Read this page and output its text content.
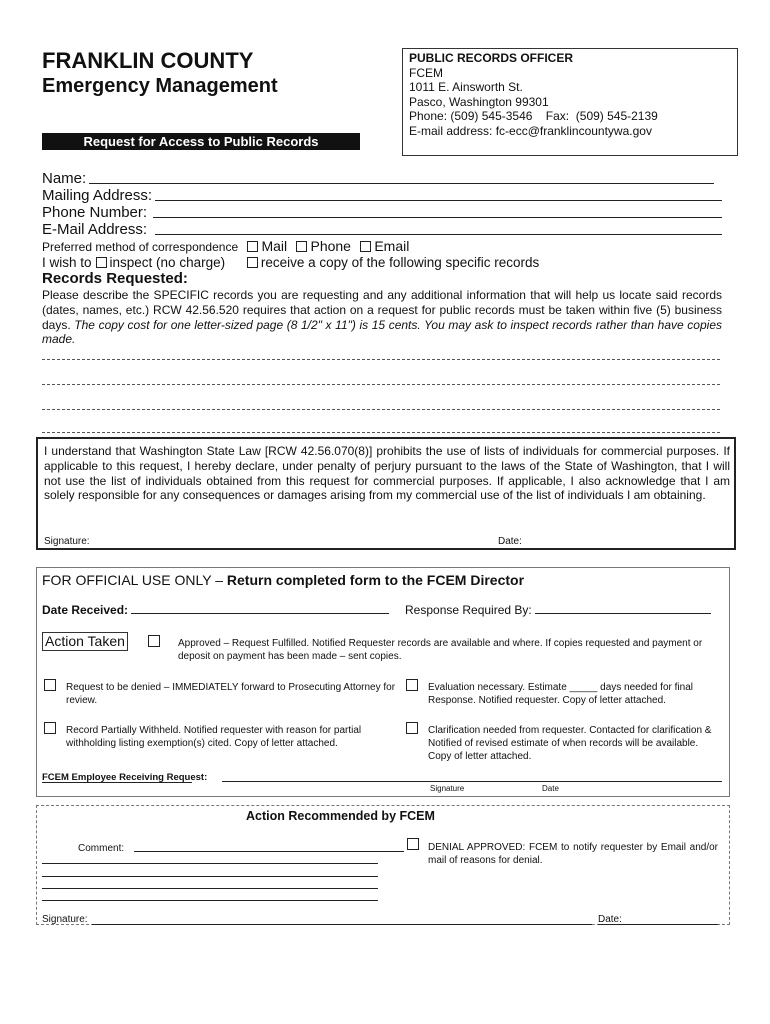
FRANKLIN COUNTY
Emergency Management
Request for Access to Public Records
PUBLIC RECORDS OFFICER
FCEM
1011 E. Ainsworth St.
Pasco, Washington 99301
Phone: (509) 545-3546    Fax:  (509) 545-2139
E-mail address: fc-ecc@franklincountywa.gov
Name:
Mailing Address:
Phone Number:
E-Mail Address:
Preferred method of correspondence Mail Phone Email
I wish to inspect (no charge)	receive a copy of the following specific records
Records Requested:
Please describe the SPECIFIC records you are requesting and any additional information that will help us locate said records (dates, names, etc.) RCW 42.56.520 requires that action on a request for public records must be taken within five (5) business days. The copy cost for one letter-sized page (8 1/2" x 11") is 15 cents. You may ask to inspect records rather than have copies made.
I understand that Washington State Law [RCW 42.56.070(8)] prohibits the use of lists of individuals for commercial purposes. If applicable to this request, I hereby declare, under penalty of perjury pursuant to the laws of the State of Washington, that I will not use the list of individuals obtained from this request for commercial purposes. If applicable, I also acknowledge that I am solely responsible for any consequences or damages arising from my commercial use of the list of individuals I am obtaining.
Signature:	Date:
FOR OFFICIAL USE ONLY – Return completed form to the FCEM Director
Date Received:	Response Required By:
Action Taken	Approved – Request Fulfilled. Notified Requester records are available and where. If copies requested and payment or deposit on payment has been made – sent copies.
Request to be denied – IMMEDIATELY forward to Prosecuting Attorney for review.
Evaluation necessary. Estimate _____ days needed for final Response. Notified requester. Copy of letter attached.
Record Partially Withheld. Notified requester with reason for partial withholding listing exemption(s) cited. Copy of letter attached.
Clarification needed from requester. Contacted for clarification & Notified of revised estimate of when records will be available. Copy of letter attached.
FCEM Employee Receiving Request:
Signature	Date
Action Recommended by FCEM
Comment:	DENIAL APPROVED: FCEM to notify requester by Email and/or mail of reasons for denial.
Signature:	Date:
